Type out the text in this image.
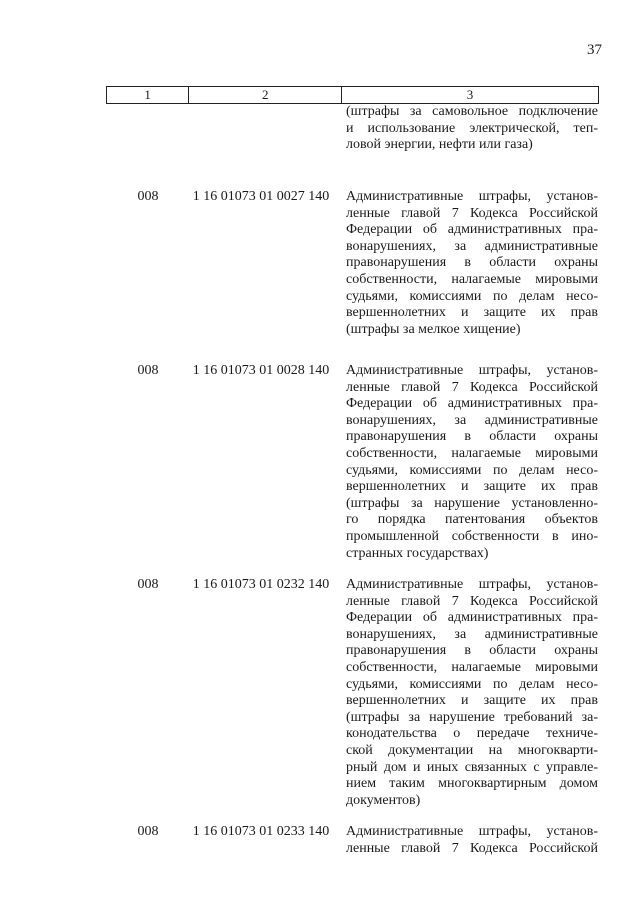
37
1	2	3
(штрафы за самовольное подключение
и использование электрической, теп-
ловой энергии, нефти или газа)
008	1 16 01073 01 0027 140	Административные штрафы, установ-
ленные главой 7 Кодекса Российской
Федерации об административных пра-
вонарушениях, за административные
правонарушения в области охраны
собственности, налагаемые мировыми
судьями, комиссиями по делам несо-
вершеннолетних и защите их прав
(штрафы за мелкое хищение)
008	1 16 01073 01 0028 140	Административные штрафы, установ-
ленные главой 7 Кодекса Российской
Федерации об административных пра-
вонарушениях, за административные
правонарушения в области охраны
собственности, налагаемые мировыми
судьями, комиссиями по делам несо-
вершеннолетних и защите их прав
(штрафы за нарушение установленно-
го порядка патентования объектов
промышленной собственности в ино-
странных государствах)
008	1 16 01073 01 0232 140	Административные штрафы, установ-
ленные главой 7 Кодекса Российской
Федерации об административных пра-
вонарушениях, за административные
правонарушения в области охраны
собственности, налагаемые мировыми
судьями, комиссиями по делам несо-
вершеннолетних и защите их прав
(штрафы за нарушение требований за-
конодательства о передаче техниче-
ской документации на многокварти-
рный дом и иных связанных с управле-
нием таким многоквартирным домом
документов)
008	1 16 01073 01 0233 140	Административные штрафы, установ-
ленные главой 7 Кодекса Российской
